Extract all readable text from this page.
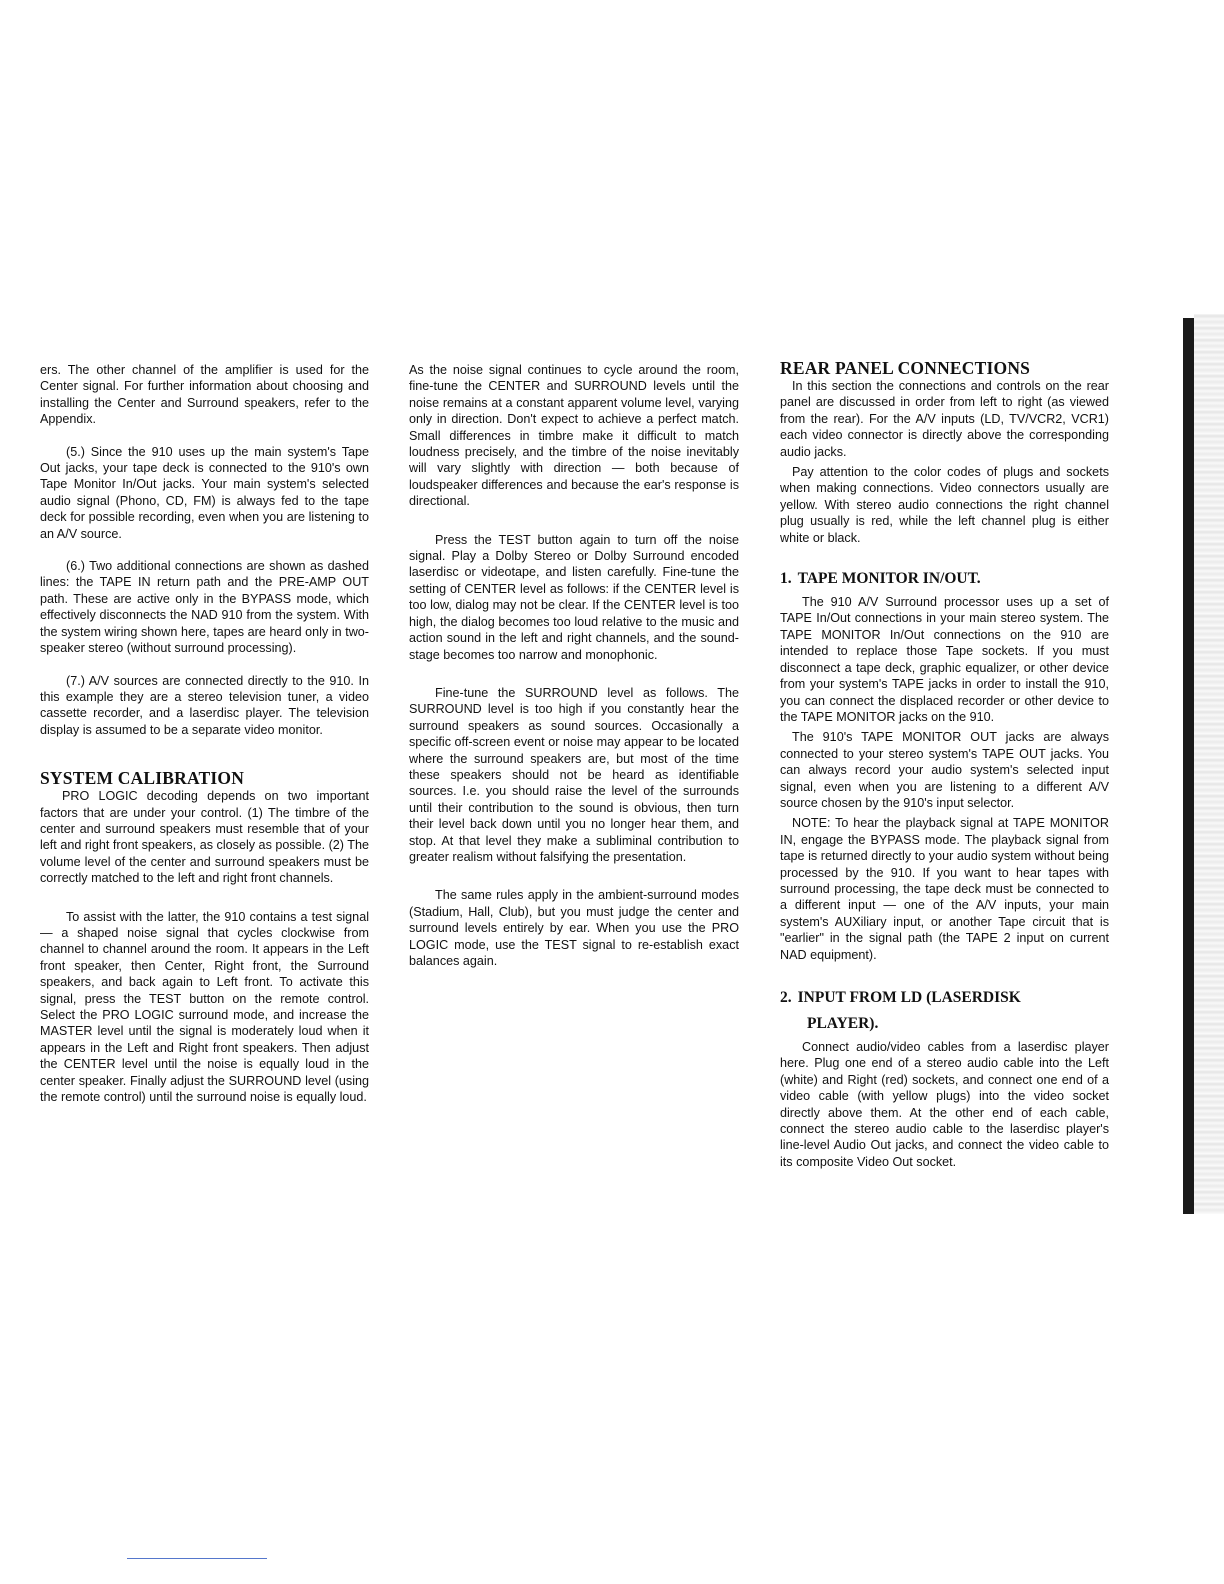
ers. The other channel of the amplifier is used for the Center signal. For further information about choosing and installing the Center and Surround speakers, refer to the Appendix.

(5.) Since the 910 uses up the main system's Tape Out jacks, your tape deck is connected to the 910's own Tape Monitor In/Out jacks. Your main system's selected audio signal (Phono, CD, FM) is always fed to the tape deck for possible recording, even when you are listening to an A/V source.

(6.) Two additional connections are shown as dashed lines: the TAPE IN return path and the PRE-AMP OUT path. These are active only in the BYPASS mode, which effectively disconnects the NAD 910 from the system. With the system wiring shown here, tapes are heard only in two-speaker stereo (without surround processing).

(7.) A/V sources are connected directly to the 910. In this example they are a stereo television tuner, a video cassette recorder, and a laserdisc player. The television display is assumed to be a separate video monitor.

SYSTEM CALIBRATION

PRO LOGIC decoding depends on two important factors that are under your control. (1) The timbre of the center and surround speakers must resemble that of your left and right front speakers, as closely as possible. (2) The volume level of the center and surround speakers must be correctly matched to the left and right front channels.

To assist with the latter, the 910 contains a test signal — a shaped noise signal that cycles clockwise from channel to channel around the room. It appears in the Left front speaker, then Center, Right front, the Surround speakers, and back again to Left front. To activate this signal, press the TEST button on the remote control. Select the PRO LOGIC surround mode, and increase the MASTER level until the signal is moderately loud when it appears in the Left and Right front speakers. Then adjust the CENTER level until the noise is equally loud in the center speaker. Finally adjust the SURROUND level (using the remote control) until the surround noise is equally loud.

As the noise signal continues to cycle around the room, fine-tune the CENTER and SURROUND levels until the noise remains at a constant apparent volume level, varying only in direction. Don't expect to achieve a perfect match. Small differences in timbre make it difficult to match loudness precisely, and the timbre of the noise inevitably will vary slightly with direction — both because of loudspeaker differences and because the ear's response is directional.

Press the TEST button again to turn off the noise signal. Play a Dolby Stereo or Dolby Surround encoded laserdisc or videotape, and listen carefully. Fine-tune the setting of CENTER level as follows: if the CENTER level is too low, dialog may not be clear. If the CENTER level is too high, the dialog becomes too loud relative to the music and action sound in the left and right channels, and the sound-stage becomes too narrow and monophonic.

Fine-tune the SURROUND level as follows. The SURROUND level is too high if you constantly hear the surround speakers as sound sources. Occasionally a specific off-screen event or noise may appear to be located where the surround speakers are, but most of the time these speakers should not be heard as identifiable sources. I.e. you should raise the level of the surrounds until their contribution to the sound is obvious, then turn their level back down until you no longer hear them, and stop. At that level they make a subliminal contribution to greater realism without falsifying the presentation.

The same rules apply in the ambient-surround modes (Stadium, Hall, Club), but you must judge the center and surround levels entirely by ear. When you use the PRO LOGIC mode, use the TEST signal to re-establish exact balances again.

REAR PANEL CONNECTIONS

In this section the connections and controls on the rear panel are discussed in order from left to right (as viewed from the rear). For the A/V inputs (LD, TV/VCR2, VCR1) each video connector is directly above the corresponding audio jacks.

Pay attention to the color codes of plugs and sockets when making connections. Video connectors usually are yellow. With stereo audio connections the right channel plug usually is red, while the left channel plug is either white or black.

1. TAPE MONITOR IN/OUT.

The 910 A/V Surround processor uses up a set of TAPE In/Out connections in your main stereo system. The TAPE MONITOR In/Out connections on the 910 are intended to replace those Tape sockets. If you must disconnect a tape deck, graphic equalizer, or other device from your system's TAPE jacks in order to install the 910, you can connect the displaced recorder or other device to the TAPE MONITOR jacks on the 910.

The 910's TAPE MONITOR OUT jacks are always connected to your stereo system's TAPE OUT jacks. You can always record your audio system's selected input signal, even when you are listening to a different A/V source chosen by the 910's input selector.

NOTE: To hear the playback signal at TAPE MONITOR IN, engage the BYPASS mode. The playback signal from tape is returned directly to your audio system without being processed by the 910. If you want to hear tapes with surround processing, the tape deck must be connected to a different input — one of the A/V inputs, your main system's AUXiliary input, or another Tape circuit that is "earlier" in the signal path (the TAPE 2 input on current NAD equipment).

2. INPUT FROM LD (LASERDISK
PLAYER).

Connect audio/video cables from a laserdisc player here. Plug one end of a stereo audio cable into the Left (white) and Right (red) sockets, and connect one end of a video cable (with yellow plugs) into the video socket directly above them. At the other end of each cable, connect the stereo audio cable to the laserdisc player's line-level Audio Out jacks, and connect the video cable to its composite Video Out socket.
